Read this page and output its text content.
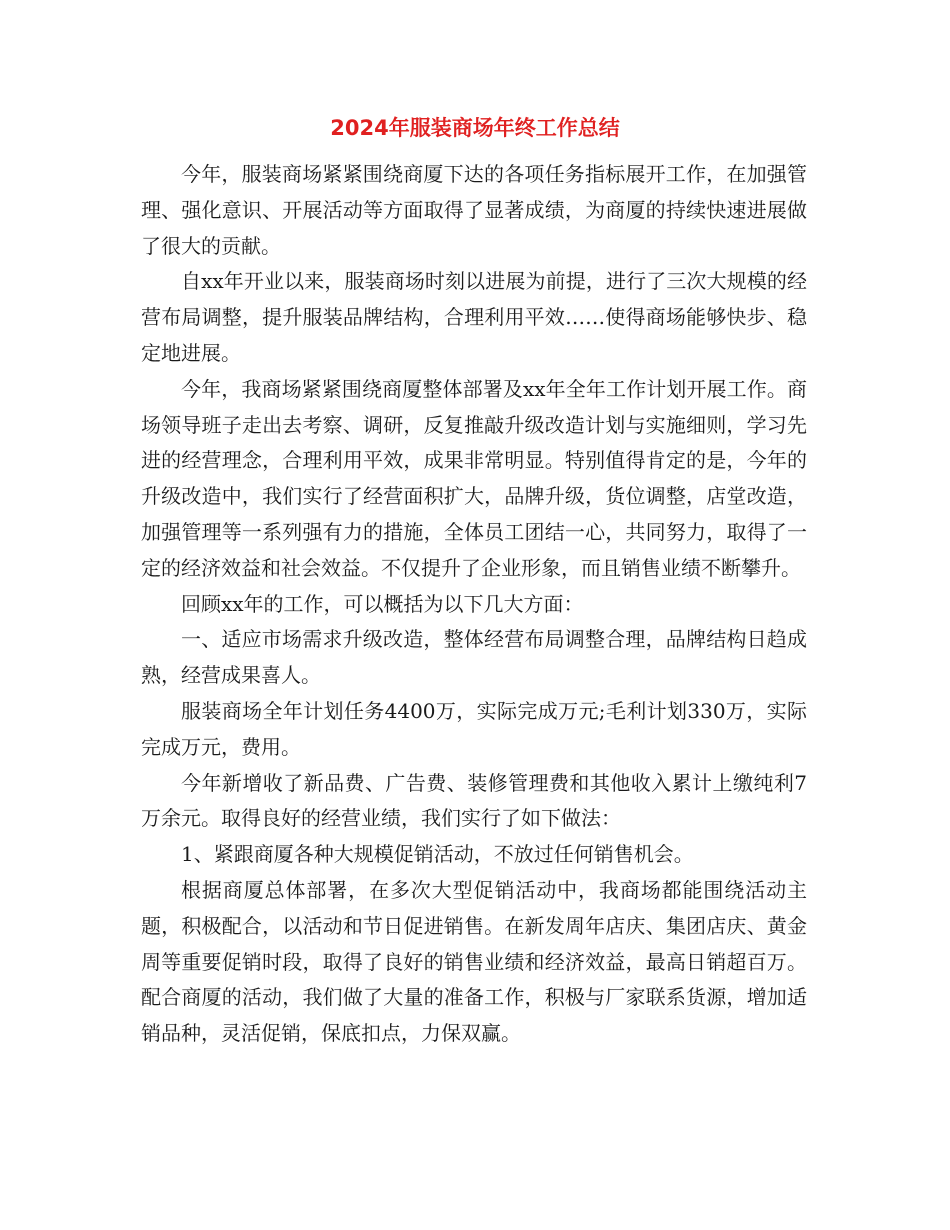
2024年服装商场年终工作总结

今年，服装商场紧紧围绕商厦下达的各项任务指标展开工作，在加强管理、强化意识、开展活动等方面取得了显著成绩，为商厦的持续快速进展做了很大的贡献。

自xx年开业以来，服装商场时刻以进展为前提，进行了三次大规模的经营布局调整，提升服装品牌结构，合理利用平效……使得商场能够快步、稳定地进展。

今年，我商场紧紧围绕商厦整体部署及xx年全年工作计划开展工作。商场领导班子走出去考察、调研，反复推敲升级改造计划与实施细则，学习先进的经营理念，合理利用平效，成果非常明显。特别值得肯定的是，今年的升级改造中，我们实行了经营面积扩大，品牌升级，货位调整，店堂改造，加强管理等一系列强有力的措施，全体员工团结一心，共同努力，取得了一定的经济效益和社会效益。不仅提升了企业形象，而且销售业绩不断攀升。

回顾xx年的工作，可以概括为以下几大方面：

一、适应市场需求升级改造，整体经营布局调整合理，品牌结构日趋成熟，经营成果喜人。

服装商场全年计划任务4400万，实际完成万元;毛利计划330万，实际完成万元，费用。

今年新增收了新品费、广告费、装修管理费和其他收入累计上缴纯利7万余元。取得良好的经营业绩，我们实行了如下做法：

1、紧跟商厦各种大规模促销活动，不放过任何销售机会。

根据商厦总体部署，在多次大型促销活动中，我商场都能围绕活动主题，积极配合，以活动和节日促进销售。在新发周年店庆、集团店庆、黄金周等重要促销时段，取得了良好的销售业绩和经济效益，最高日销超百万。配合商厦的活动，我们做了大量的准备工作，积极与厂家联系货源，增加适销品种，灵活促销，保底扣点，力保双赢。
